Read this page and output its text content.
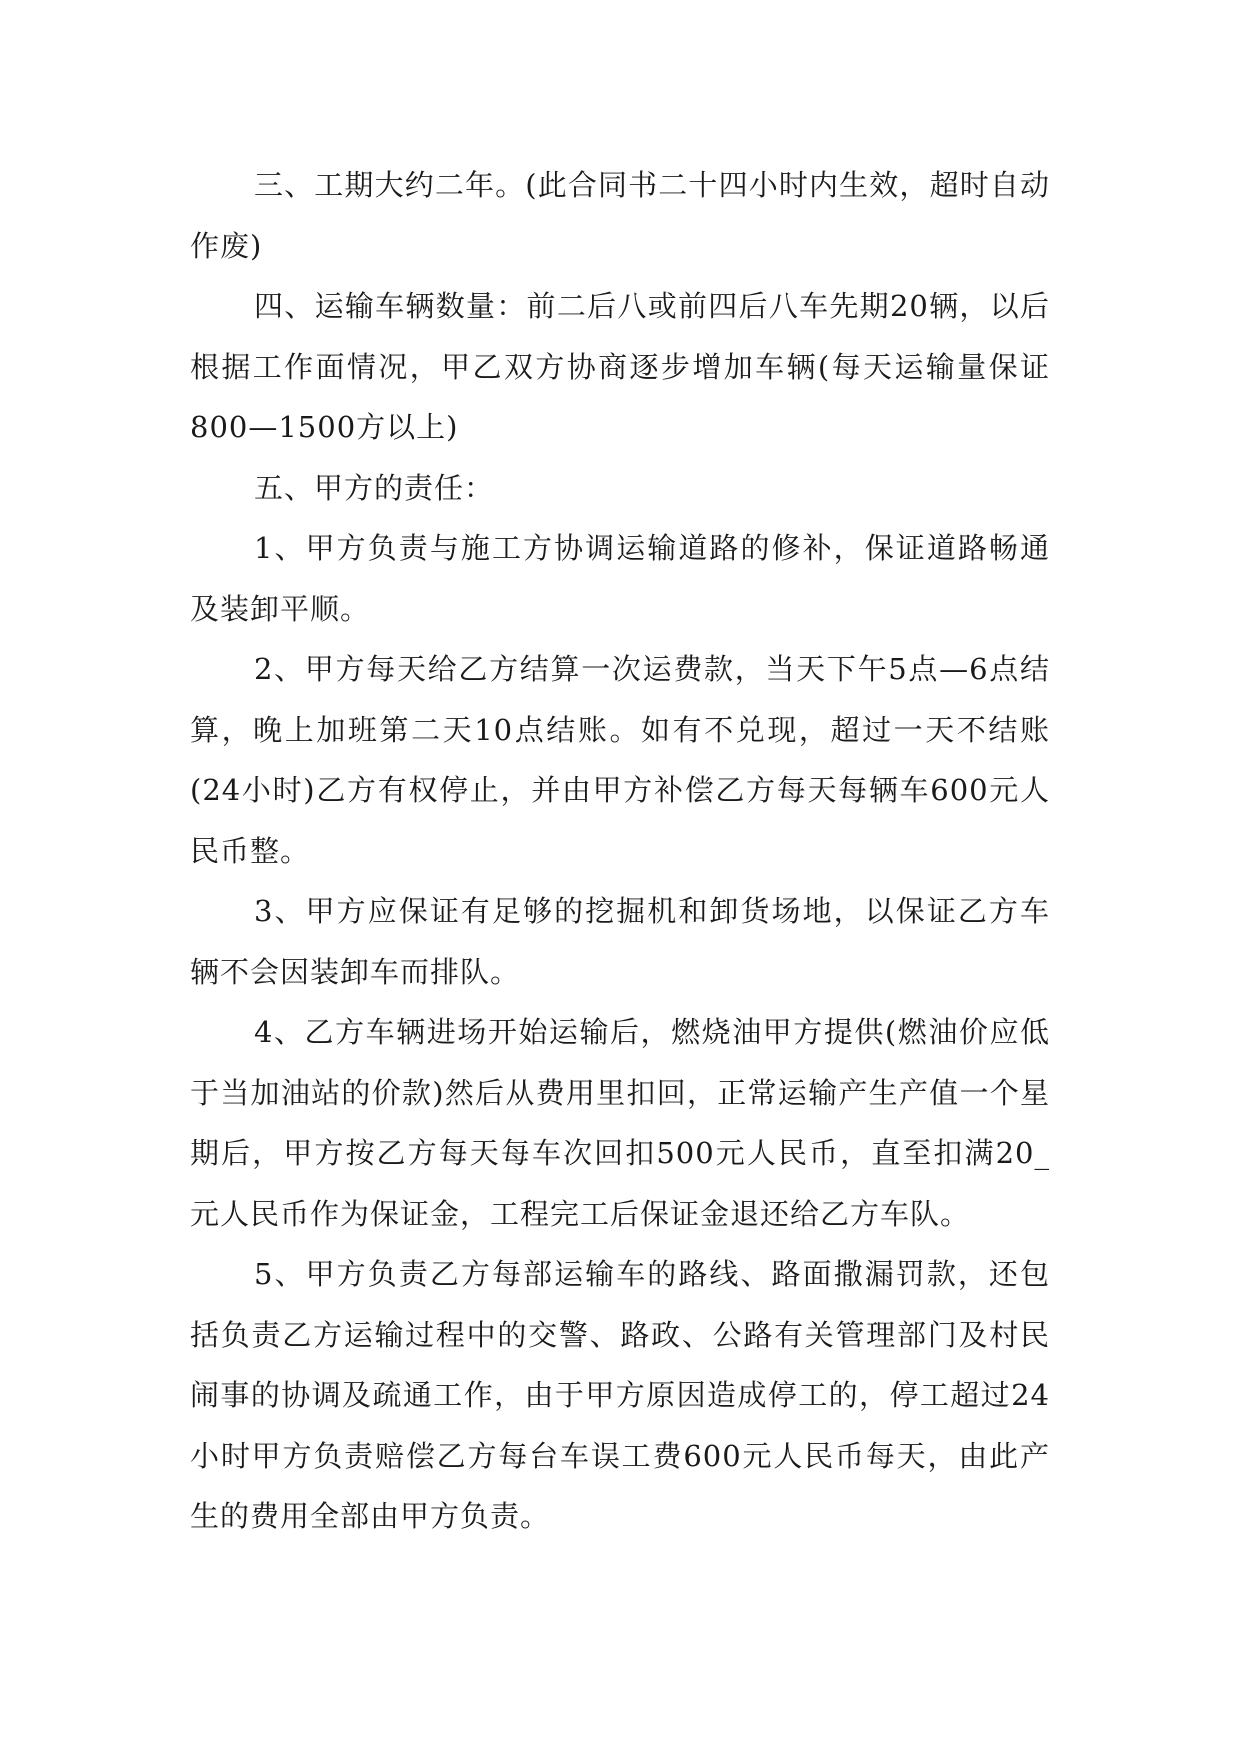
三、工期大约二年。(此合同书二十四小时内生效，超时自动作废)

四、运输车辆数量：前二后八或前四后八车先期20辆，以后根据工作面情况，甲乙双方协商逐步增加车辆(每天运输量保证800—1500方以上)

五、甲方的责任：

1、甲方负责与施工方协调运输道路的修补，保证道路畅通及装卸平顺。

2、甲方每天给乙方结算一次运费款，当天下午5点—6点结算，晚上加班第二天10点结账。如有不兑现，超过一天不结账(24小时)乙方有权停止，并由甲方补偿乙方每天每辆车600元人民币整。

3、甲方应保证有足够的挖掘机和卸货场地，以保证乙方车辆不会因装卸车而排队。

4、乙方车辆进场开始运输后，燃烧油甲方提供(燃油价应低于当加油站的价款)然后从费用里扣回，正常运输产生产值一个星期后，甲方按乙方每天每车次回扣500元人民币，直至扣满20_元人民币作为保证金，工程完工后保证金退还给乙方车队。

5、甲方负责乙方每部运输车的路线、路面撒漏罚款，还包括负责乙方运输过程中的交警、路政、公路有关管理部门及村民闹事的协调及疏通工作，由于甲方原因造成停工的，停工超过24小时甲方负责赔偿乙方每台车误工费600元人民币每天，由此产生的费用全部由甲方负责。
